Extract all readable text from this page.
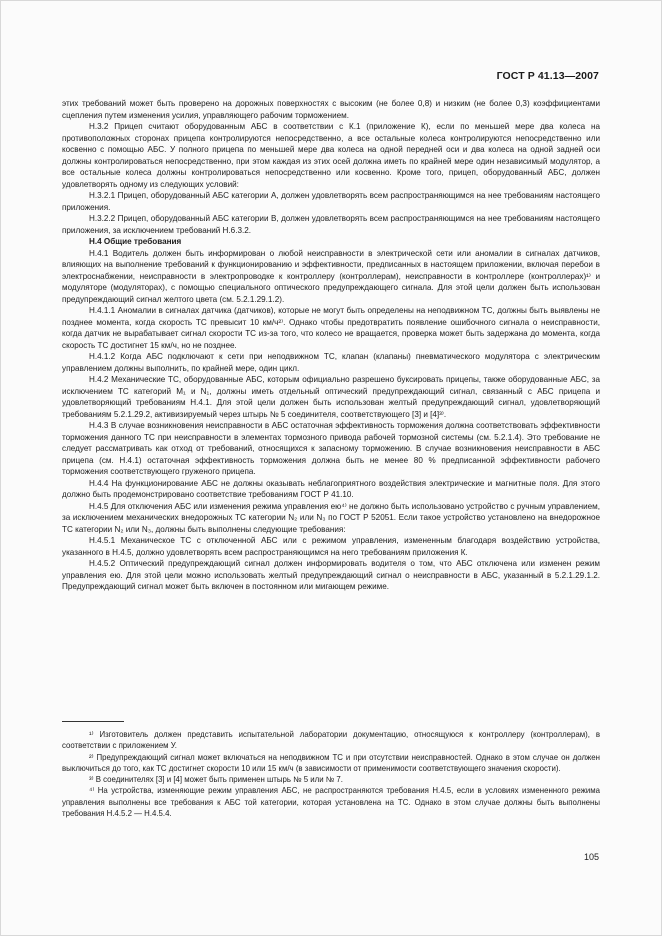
ГОСТ Р 41.13—2007

этих требований может быть проверено на дорожных поверхностях с высоким (не более 0,8) и низким (не более 0,3) коэффициентами сцепления путем изменения усилия, управляющего рабочим торможением.

Н.3.2 Прицеп считают оборудованным АБС в соответствии с К.1 (приложение К), если по меньшей мере два колеса на противоположных сторонах прицепа контролируются непосредственно, а все остальные колеса контролируются непосредственно или косвенно с помощью АБС. У полного прицепа по меньшей мере два колеса на одной передней оси и два колеса на одной задней оси должны контролироваться непосредственно, при этом каждая из этих осей должна иметь по крайней мере один независимый модулятор, а все остальные колеса должны контролироваться непосредственно или косвенно. Кроме того, прицеп, оборудованный АБС, должен удовлетворять одному из следующих условий:

Н.3.2.1 Прицеп, оборудованный АБС категории А, должен удовлетворять всем распространяющимся на нее требованиям настоящего приложения.

Н.3.2.2 Прицеп, оборудованный АБС категории В, должен удовлетворять всем распространяющимся на нее требованиям настоящего приложения, за исключением требований Н.6.3.2.

Н.4 Общие требования

Н.4.1 Водитель должен быть информирован о любой неисправности в электрической сети или аномалии в сигналах датчиков, влияющих на выполнение требований к функционированию и эффективности, предписанных в настоящем приложении, включая перебои в электроснабжении, неисправности в электропроводке к контроллеру (контроллерам), неисправности в контроллере (контроллерах)¹⁾ и модуляторе (модуляторах), с помощью специального оптического предупреждающего сигнала. Для этой цели должен быть использован предупреждающий сигнал желтого цвета (см. 5.2.1.29.1.2).

Н.4.1.1 Аномалии в сигналах датчика (датчиков), которые не могут быть определены на неподвижном ТС, должны быть выявлены не позднее момента, когда скорость ТС превысит 10 км/ч²⁾. Однако чтобы предотвратить появление ошибочного сигнала о неисправности, когда датчик не вырабатывает сигнал скорости ТС из-за того, что колесо не вращается, проверка может быть задержана до момента, когда скорость ТС достигнет 15 км/ч, но не позднее.

Н.4.1.2 Когда АБС подключают к сети при неподвижном ТС, клапан (клапаны) пневматического модулятора с электрическим управлением должны выполнить, по крайней мере, один цикл.

Н.4.2 Механические ТС, оборудованные АБС, которым официально разрешено буксировать прицепы, также оборудованные АБС, за исключением ТС категорий М₁ и N₁, должны иметь отдельный оптический предупреждающий сигнал, связанный с АБС прицепа и удовлетворяющий требованиям Н.4.1. Для этой цели должен быть использован желтый предупреждающий сигнал, удовлетворяющий требованиям 5.2.1.29.2, активизируемый через штырь № 5 соединителя, соответствующего [3] и [4]³⁾.

Н.4.3 В случае возникновения неисправности в АБС остаточная эффективность торможения должна соответствовать эффективности торможения данного ТС при неисправности в элементах тормозного привода рабочей тормозной системы (см. 5.2.1.4). Это требование не следует рассматривать как отход от требований, относящихся к запасному торможению. В случае возникновения неисправности в АБС прицепа (см. Н.4.1) остаточная эффективность торможения должна быть не менее 80 % предписанной эффективности рабочего торможения соответствующего груженого прицепа.

Н.4.4 На функционирование АБС не должны оказывать неблагоприятного воздействия электрические и магнитные поля. Для этого должно быть продемонстрировано соответствие требованиям ГОСТ Р 41.10.

Н.4.5 Для отключения АБС или изменения режима управления ею⁴⁾ не должно быть использовано устройство с ручным управлением, за исключением механических внедорожных ТС категории N₂ или N₃ по ГОСТ Р 52051. Если такое устройство установлено на внедорожное ТС категории N₂ или N₃, должны быть выполнены следующие требования:

Н.4.5.1 Механическое ТС с отключенной АБС или с режимом управления, измененным благодаря воздействию устройства, указанного в Н.4.5, должно удовлетворять всем распространяющимся на него требованиям приложения К.

Н.4.5.2 Оптический предупреждающий сигнал должен информировать водителя о том, что АБС отключена или изменен режим управления ею. Для этой цели можно использовать желтый предупреждающий сигнал о неисправности в АБС, указанный в 5.2.1.29.1.2. Предупреждающий сигнал может быть включен в постоянном или мигающем режиме.

¹⁾ Изготовитель должен представить испытательной лаборатории документацию, относящуюся к контроллеру (контроллерам), в соответствии с приложением У.

²⁾ Предупреждающий сигнал может включаться на неподвижном ТС и при отсутствии неисправностей. Однако в этом случае он должен выключиться до того, как ТС достигнет скорости 10 или 15 км/ч (в зависимости от применимости соответствующего значения скорости).

³⁾ В соединителях [3] и [4] может быть применен штырь № 5 или № 7.

⁴⁾ На устройства, изменяющие режим управления АБС, не распространяются требования Н.4.5, если в условиях измененного режима управления выполнены все требования к АБС той категории, которая установлена на ТС. Однако в этом случае должны быть выполнены требования Н.4.5.2 — Н.4.5.4.

105
